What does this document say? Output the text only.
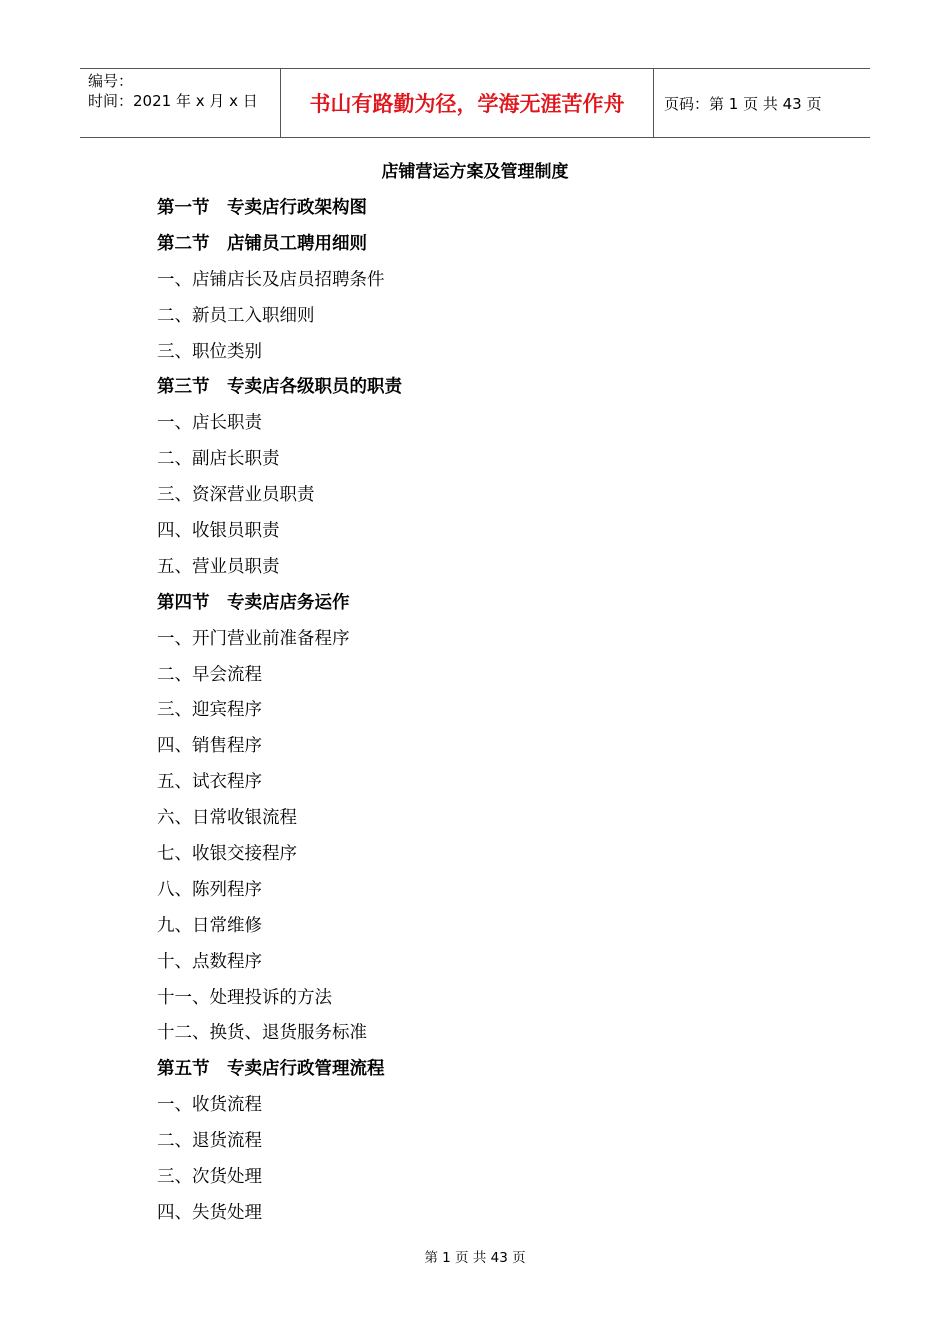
编号：
时间：2021 年 x 月 x 日	书山有路勤为径，学海无涯苦作舟	页码：第 1 页 共 43 页
店铺营运方案及管理制度
第一节　专卖店行政架构图
第二节　店铺员工聘用细则
一、店铺店长及店员招聘条件
二、新员工入职细则
三、职位类别
第三节　专卖店各级职员的职责
一、店长职责
二、副店长职责
三、资深营业员职责
四、收银员职责
五、营业员职责
第四节　专卖店店务运作
一、开门营业前准备程序
二、早会流程
三、迎宾程序
四、销售程序
五、试衣程序
六、日常收银流程
七、收银交接程序
八、陈列程序
九、日常维修
十、点数程序
十一、处理投诉的方法
十二、换货、退货服务标准
第五节　专卖店行政管理流程
一、收货流程
二、退货流程
三、次货处理
四、失货处理
第 1 页 共 43 页
